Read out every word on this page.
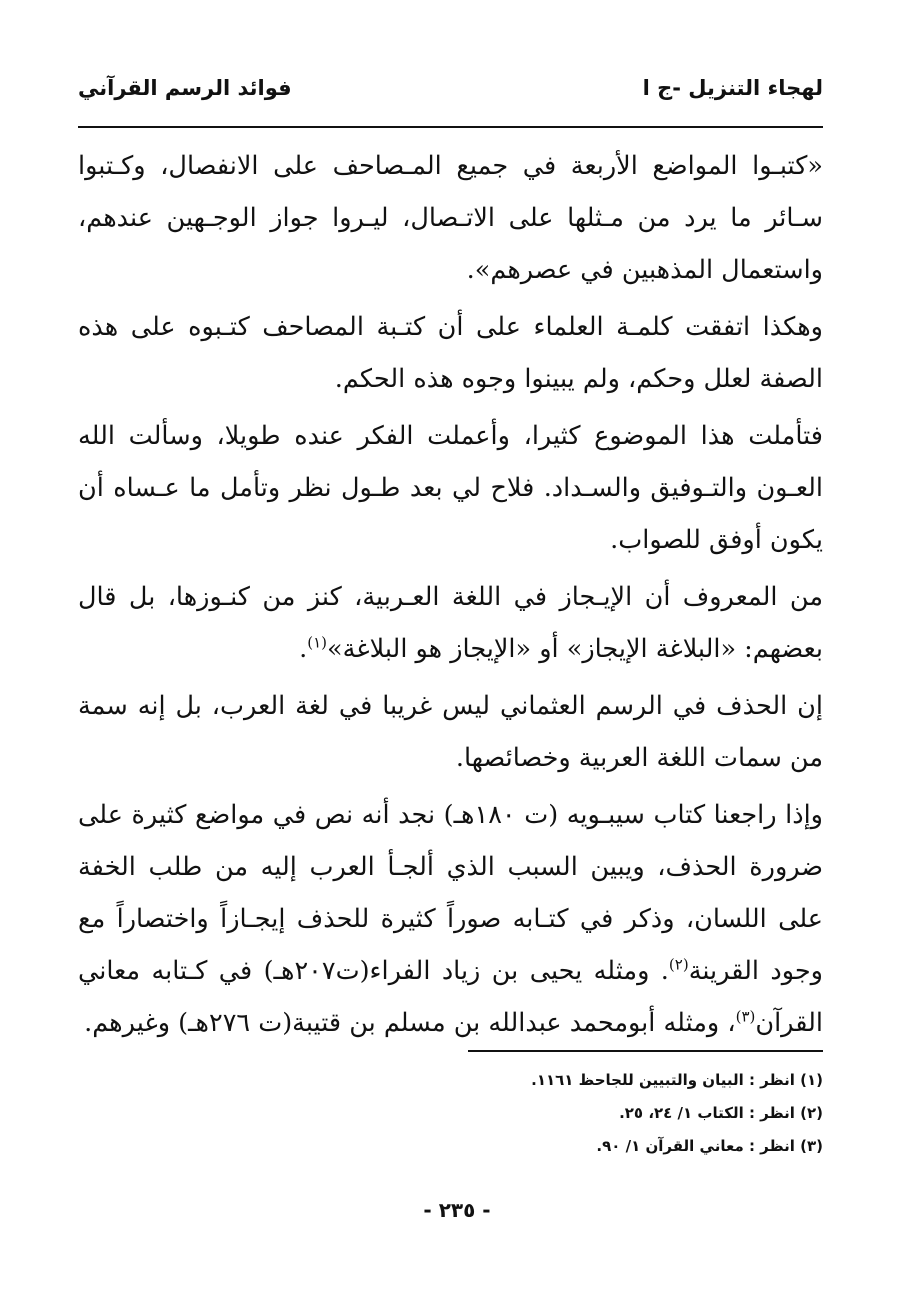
لهجاء التنزيل -ج ا
فوائد الرسم القرآني

«كتبـوا المواضع الأربعة في جميع المـصاحف على الانفصال، وكـتبوا سـائر ما يرد من مـثلها على الاتـصال، ليـروا جواز الوجـهين عندهم، واستعمال المذهبين في عصرهم».

وهكذا اتفقت كلمـة العلماء على أن كتـبة المصاحف كتـبوه على هذه الصفة لعلل وحكم، ولم يبينوا وجوه هذه الحكم.

فتأملت هذا الموضوع كثيرا، وأعملت الفكر عنده طويلا، وسألت الله العـون والتـوفيق والسـداد. فلاح لي بعد طـول نظر وتأمل ما عـساه أن يكون أوفق للصواب.

من المعروف أن الإيـجاز في اللغة العـربية، كنز من كنـوزها، بل قال بعضهم: «البلاغة الإيجاز» أو «الإيجاز هو البلاغة»$^{(١)}$.

إن الحذف في الرسم العثماني ليس غريبا في لغة العرب، بل إنه سمة من سمات اللغة العربية وخصائصها.

وإذا راجعنا كتاب سيبـويه (ت ١٨٠هـ) نجد أنه نص في مواضع كثيرة على ضرورة الحذف، ويبين السبب الذي ألجـأ العرب إليه من طلب الخفة على اللسان، وذكر في كتـابه صوراً كثيرة للحذف إيجـازاً واختصاراً مع وجود القرينة$^{(٢)}$. ومثله يحيى بن زياد الفراء(ت٢٠٧هـ) في كـتابه معاني القرآن$^{(٣)}$، ومثله أبومحمد عبدالله بن مسلم بن قتيبة(ت ٢٧٦هـ) وغيرهم.

(١) انظر : البيان والتبيين للجاحظ ١١٦١.
(٢) انظر : الكتاب ١/ ٢٤، ٢٥.
(٣) انظر : معاني القرآن ١/ ٩٠.
- ٢٣٥ -
